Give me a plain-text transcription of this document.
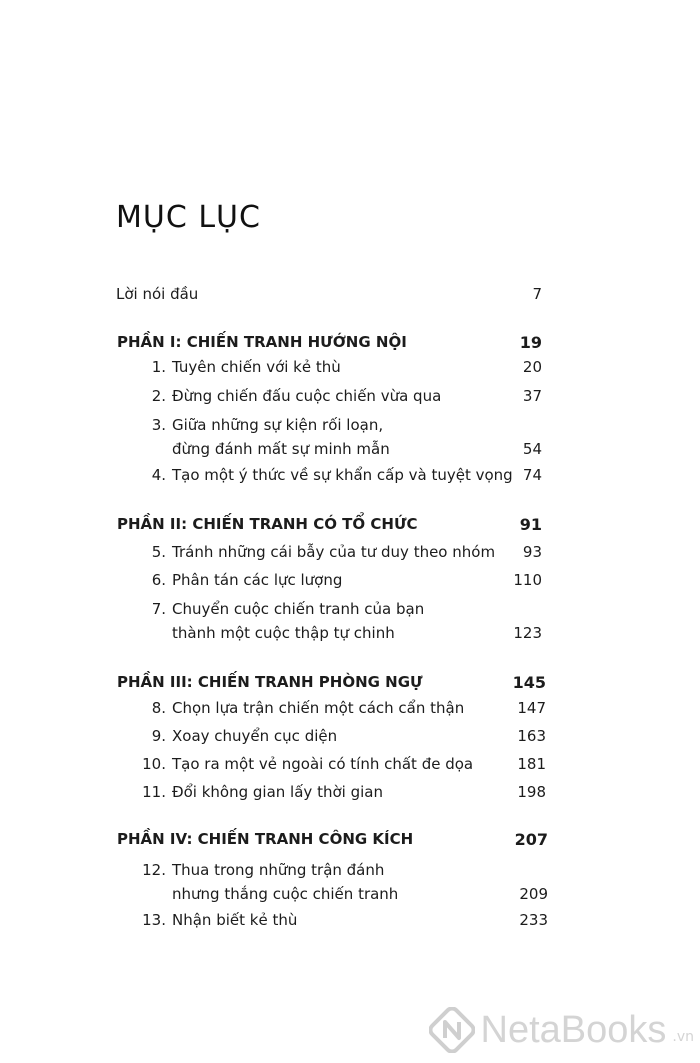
MỤC LỤC
Lời nói đầu	7
PHẦN I: CHIẾN TRANH HƯỚNG NỘI	19
1. Tuyên chiến với kẻ thù	20
2. Đừng chiến đấu cuộc chiến vừa qua	37
3. Giữa những sự kiện rối loạn,
đừng đánh mất sự minh mẫn	54
4. Tạo một ý thức về sự khẩn cấp và tuyệt vọng 74
PHẦN II: CHIẾN TRANH CÓ TỔ CHỨC	91
5. Tránh những cái bẫy của tư duy theo nhóm 93
6. Phân tán các lực lượng	110
7. Chuyển cuộc chiến tranh của bạn
thành một cuộc thập tự chinh	123
PHẦN III: CHIẾN TRANH PHÒNG NGỰ	145
8. Chọn lựa trận chiến một cách cẩn thận	147
9. Xoay chuyển cục diện	163
10. Tạo ra một vẻ ngoài có tính chất đe dọa	181
11. Đổi không gian lấy thời gian	198
PHẦN IV: CHIẾN TRANH CÔNG KÍCH	207
12. Thua trong những trận đánh
nhưng thắng cuộc chiến tranh	209
13. Nhận biết kẻ thù	233
NetaBooks .vn
